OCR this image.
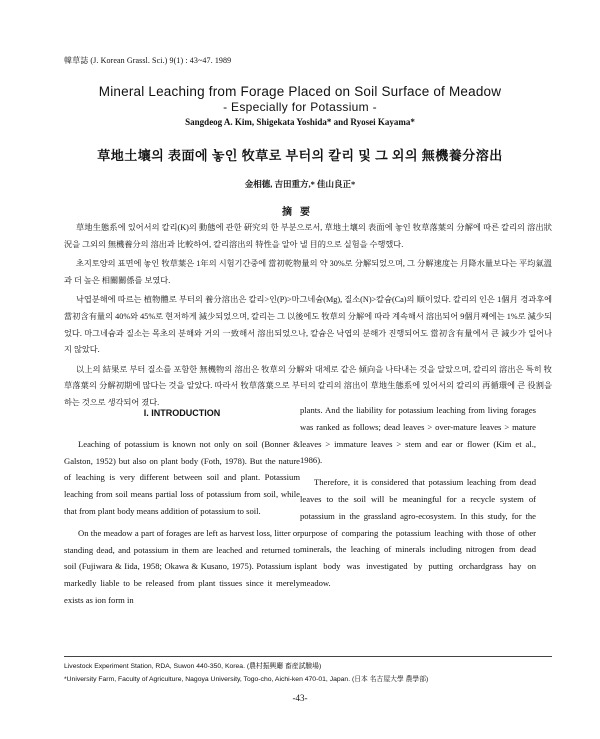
韓草誌 (J. Korean Grassl. Sci.) 9(1) : 43~47. 1989
Mineral Leaching from Forage Placed on Soil Surface of Meadow
- Especially for Potassium -
Sangdeog A. Kim, Shigekata Yoshida* and Ryosei Kayama*
草地土壤의 表面에 놓인 牧草로 부터의 칼리 및 그 외의 無機養分溶出
金相德, 吉田重方,* 佳山良正*
摘要

草地生態系에 있어서의 칼리(K)의 動態에 관한 硏究의 한 부분으로서, 草地土壤의 表面에 놓인 牧草落葉의 分解에 따른 칼리의 溶出狀況을 그외의 無機養分의 溶出과 比較하여, 칼리溶出의 特性을 알아 낼 目的으로 실험을 수행했다.

초지토양의 표면에 놓인 牧草葉은 1年의 시험기간중에 當初乾物量의 약 30%로 分解되었으며, 그 分解速度는 月降水量보다는 平均氣溫과 더 높은 相關關係를 보였다.

낙엽분해에 따르는 植物體로 부터의 養分溶出은 칼리>인(P)>마그네슘(Mg), 질소(N)>칼슘(Ca)의 順이었다. 칼리의 인은 1個月 경과후에 當初含有量의 40%와 45%로 현저하게 減少되었으며, 칼리는 그 以後에도 牧草의 分解에 따라 계속해서 溶出되어 9個月째에는 1%로 減少되었다. 마그네슘과 질소는 목초의 분해와 거의 一致해서 溶出되었으나, 칼슘은 낙엽의 분해가 진행되어도 當初含有量에서 큰 減少가 일어나지 않았다.

以上의 結果로 부터 질소를 포함한 無機物의 溶出은 牧草의 分解와 대체로 같은 傾向을 나타내는 것을 알았으며, 칼리의 溶出은 특히 牧草落葉의 分解初期에 많다는 것을 알았다. 따라서 牧草落葉으로 부터의 칼리의 溶出이 草地生態系에 있어서의 칼리의 再循環에 큰 役割을 하는 것으로 생각되어 졌다.

I. INTRODUCTION

Leaching of potassium is known not only on soil (Bonner & Galston, 1952) but also on plant body (Foth, 1978). But the nature of leaching is very different between soil and plant. Potassium leaching from soil means partial loss of potassium from soil, while that from plant body means addition of potassium to soil.

On the meadow a part of forages are left as harvest loss, litter or standing dead, and potassium in them are leached and returned to soil (Fujiwara & Iida, 1958; Okawa & Kusano, 1975). Potassium is markedly liable to be released from plant tissues since it merely exists as ion form in

plants. And the liability for potassium leaching from living forages was ranked as follows; dead leaves > over-mature leaves > mature leaves > immature leaves > stem and ear or flower (Kim et al., 1986).

Therefore, it is considered that potassium leaching from dead leaves to the soil will be meaningful for a recycle system of potassium in the grassland agro-ecosystem. In this study, for the purpose of comparing the potassium leaching with those of other minerals, the leaching of minerals including nitrogen from dead plant body was investigated by putting orchardgrass hay on meadow.

Livestock Experiment Station, RDA, Suwon 440-350, Korea. (農村振興廳 畜産試驗場)
*University Farm, Faculty of Agriculture, Nagoya University, Togo-cho, Aichi-ken 470-01, Japan. (日本 名古屋大學 農學部)
-43-
